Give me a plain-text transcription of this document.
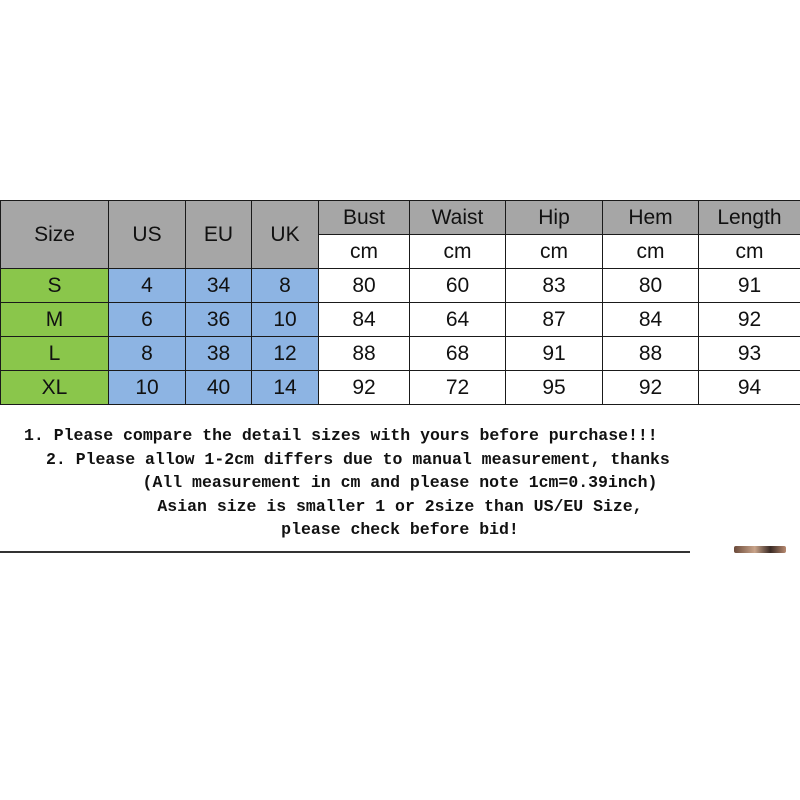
Size	US	EU	UK	Bust	Waist	Hip	Hem	Length
				cm	cm	cm	cm	cm
S	4	34	8	80	60	83	80	91
M	6	36	10	84	64	87	84	92
L	8	38	12	88	68	91	88	93
XL	10	40	14	92	72	95	92	94
1. Please compare the detail sizes with yours before purchase!!!
2. Please allow 1-2cm differs due to manual measurement, thanks
(All measurement in cm and please note 1cm=0.39inch)
Asian size is smaller 1 or 2size than US/EU Size,
please check before bid!
